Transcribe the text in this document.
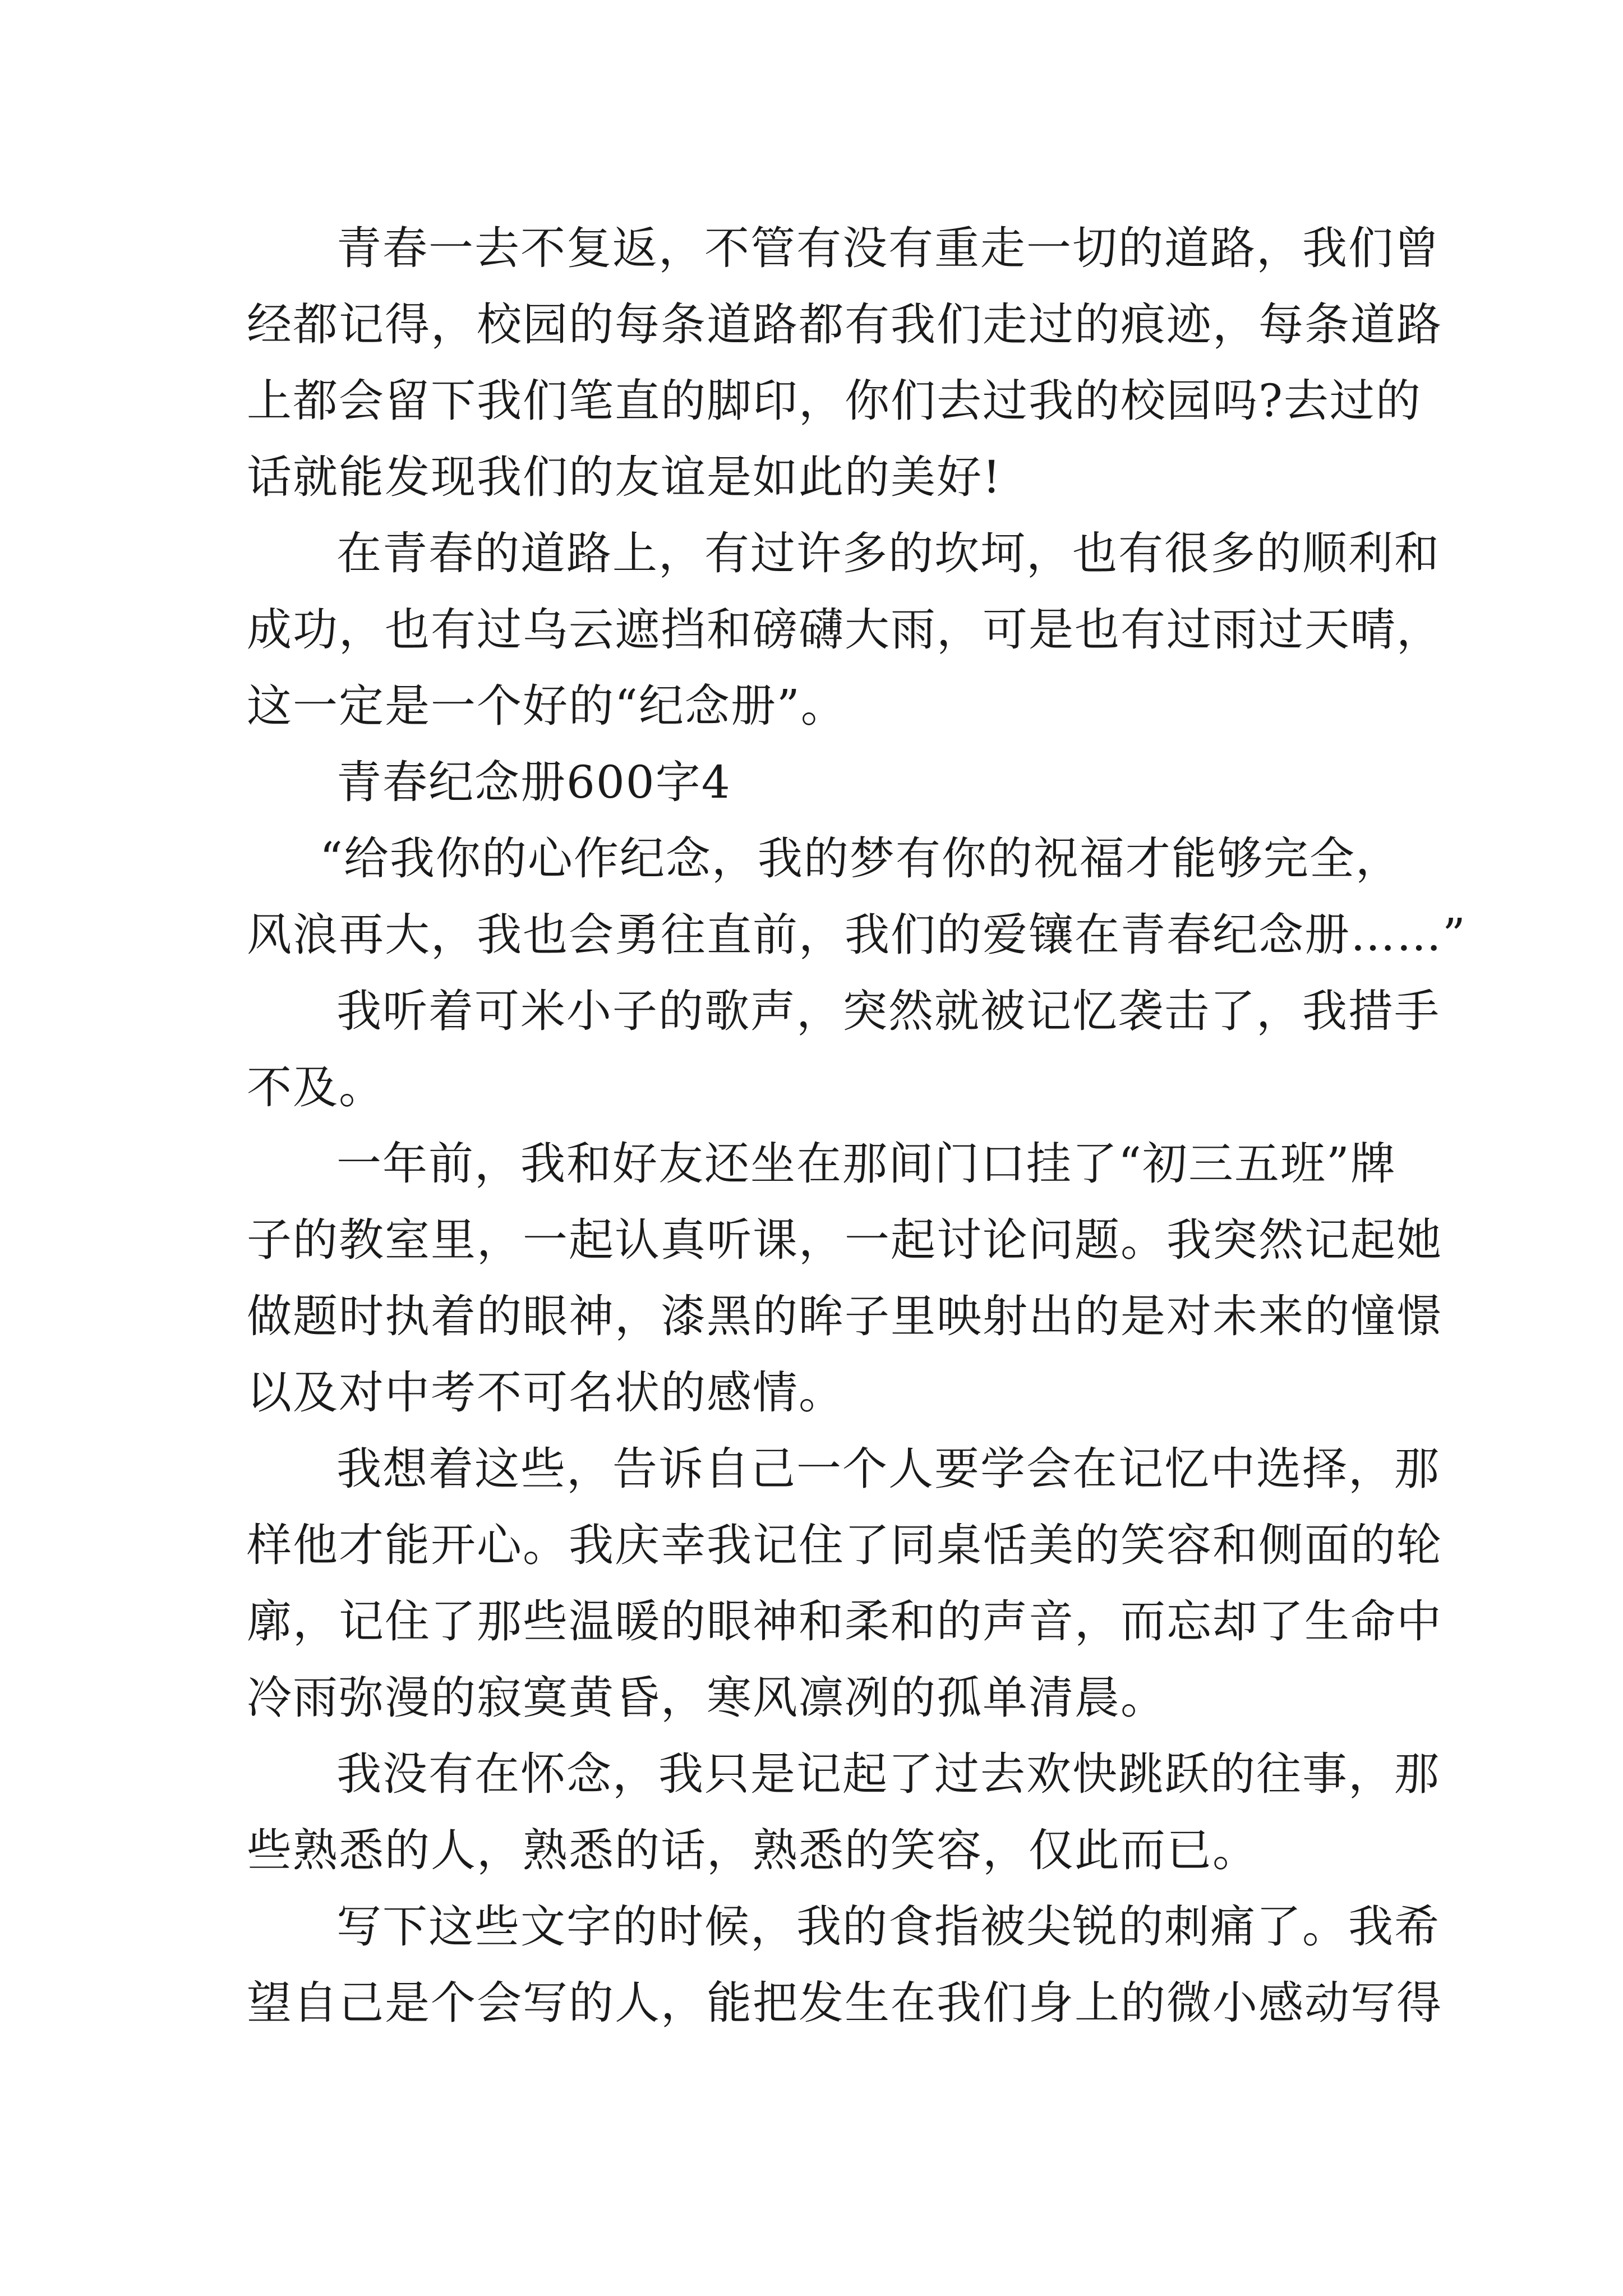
青春一去不复返，不管有没有重走一切的道路，我们曾
经都记得，校园的每条道路都有我们走过的痕迹，每条道路
上都会留下我们笔直的脚印，你们去过我的校园吗?去过的
话就能发现我们的友谊是如此的美好!
在青春的道路上，有过许多的坎坷，也有很多的顺利和
成功，也有过乌云遮挡和磅礴大雨，可是也有过雨过天晴，
这一定是一个好的“纪念册”。
青春纪念册600字4
“给我你的心作纪念，我的梦有你的祝福才能够完全，
风浪再大，我也会勇往直前，我们的爱镶在青春纪念册……”
我听着可米小子的歌声，突然就被记忆袭击了，我措手
不及。
一年前，我和好友还坐在那间门口挂了“初三五班”牌
子的教室里，一起认真听课，一起讨论问题。我突然记起她
做题时执着的眼神，漆黑的眸子里映射出的是对未来的憧憬
以及对中考不可名状的感情。
我想着这些，告诉自己一个人要学会在记忆中选择，那
样他才能开心。我庆幸我记住了同桌恬美的笑容和侧面的轮
廓，记住了那些温暖的眼神和柔和的声音，而忘却了生命中
冷雨弥漫的寂寞黄昏，寒风凛冽的孤单清晨。
我没有在怀念，我只是记起了过去欢快跳跃的往事，那
些熟悉的人，熟悉的话，熟悉的笑容，仅此而已。
写下这些文字的时候，我的食指被尖锐的刺痛了。我希
望自己是个会写的人，能把发生在我们身上的微小感动写得
